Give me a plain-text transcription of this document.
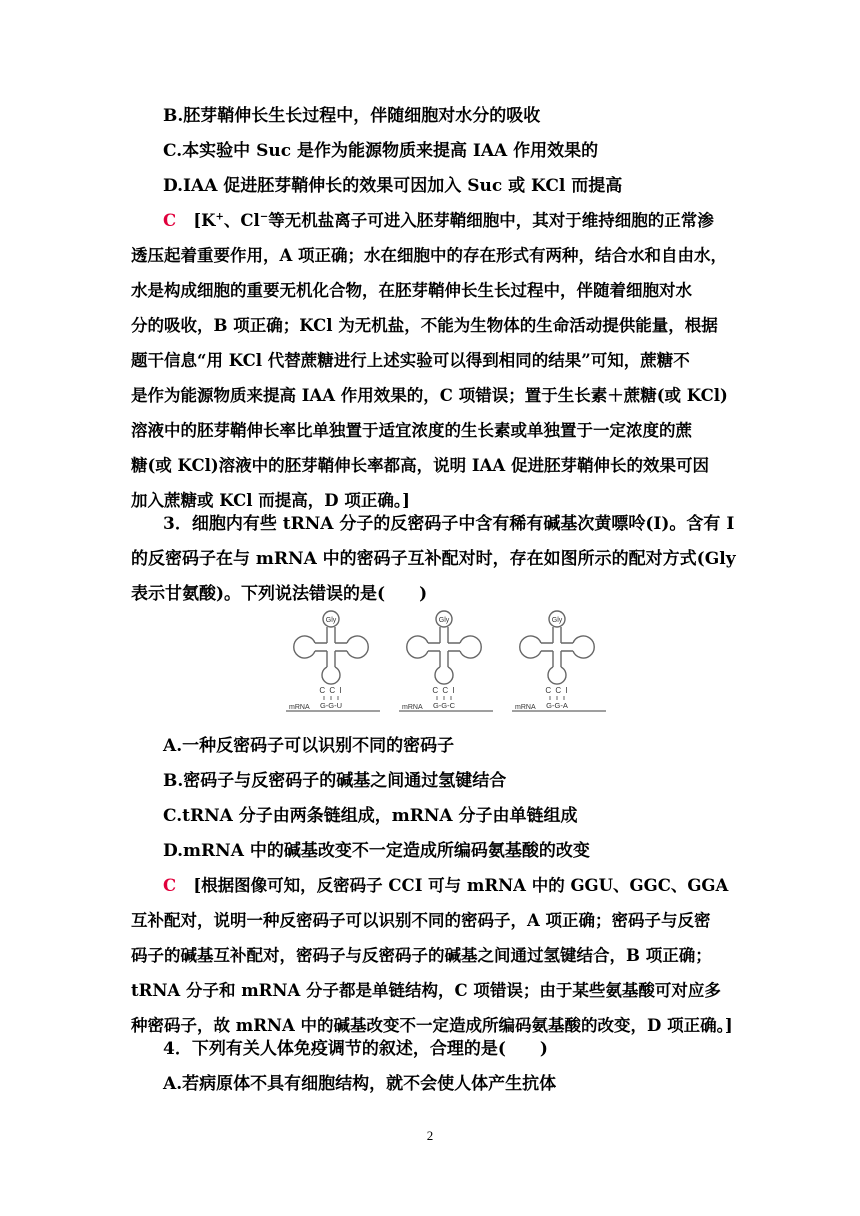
B.胚芽鞘伸长生长过程中，伴随细胞对水分的吸收
C.本实验中 Suc 是作为能源物质来提高 IAA 作用效果的
D.IAA 促进胚芽鞘伸长的效果可因加入 Suc 或 KCl 而提高
C [K+、Cl−等无机盐离子可进入胚芽鞘细胞中，其对于维持细胞的正常渗
透压起着重要作用，A 项正确；水在细胞中的存在形式有两种，结合水和自由水，
水是构成细胞的重要无机化合物，在胚芽鞘伸长生长过程中，伴随着细胞对水
分的吸收，B 项正确；KCl 为无机盐，不能为生物体的生命活动提供能量，根据
题干信息“用 KCl 代替蔗糖进行上述实验可以得到相同的结果”可知，蔗糖不
是作为能源物质来提高 IAA 作用效果的，C 项错误；置于生长素＋蔗糖(或 KCl)
溶液中的胚芽鞘伸长率比单独置于适宜浓度的生长素或单独置于一定浓度的蔗
糖(或 KCl)溶液中的胚芽鞘伸长率都高，说明 IAA 促进胚芽鞘伸长的效果可因
加入蔗糖或 KCl 而提高，D 项正确。]
3．细胞内有些 tRNA 分子的反密码子中含有稀有碱基次黄嘌呤(I)。含有 I
的反密码子在与 mRNA 中的密码子互补配对时，存在如图所示的配对方式(Gly
表示甘氨酸)。下列说法错误的是(　　)
Gly
C C I
mRNA G-G-U
Gly
C C I
mRNA G-G-C
Gly
C C I
mRNA G-G-A
A.一种反密码子可以识别不同的密码子
B.密码子与反密码子的碱基之间通过氢键结合
C.tRNA 分子由两条链组成，mRNA 分子由单链组成
D.mRNA 中的碱基改变不一定造成所编码氨基酸的改变
C [根据图像可知，反密码子 CCI 可与 mRNA 中的 GGU、GGC、GGA
互补配对，说明一种反密码子可以识别不同的密码子，A 项正确；密码子与反密
码子的碱基互补配对，密码子与反密码子的碱基之间通过氢键结合，B 项正确；
tRNA 分子和 mRNA 分子都是单链结构，C 项错误；由于某些氨基酸可对应多
种密码子，故 mRNA 中的碱基改变不一定造成所编码氨基酸的改变，D 项正确。]
4．下列有关人体免疫调节的叙述，合理的是(　　)
A.若病原体不具有细胞结构，就不会使人体产生抗体
2
